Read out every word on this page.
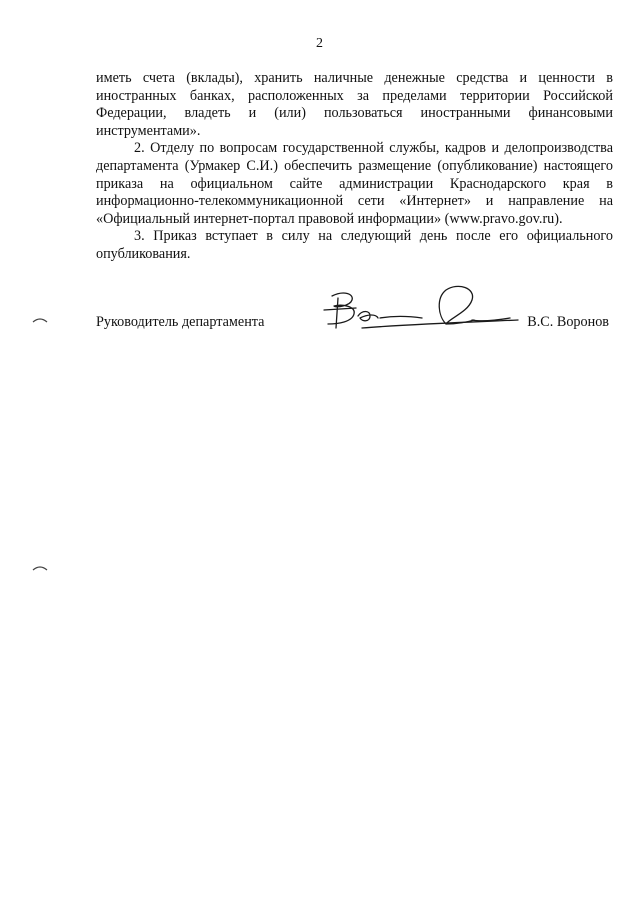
2

иметь счета (вклады), хранить наличные денежные средства и ценности в иностранных банках, расположенных за пределами территории Российской Федерации, владеть и (или) пользоваться иностранными финансовыми инструментами».

2. Отделу по вопросам государственной службы, кадров и делопроизводства департамента (Урмакер С.И.) обеспечить размещение (опубликование) настоящего приказа на официальном сайте администрации Краснодарского края в информационно-телекоммуникационной сети «Интернет» и направление на «Официальный интернет-портал правовой информации» (www.pravo.gov.ru).

3. Приказ вступает в силу на следующий день после его официального опубликования.

Руководитель департамента	В.С. Воронов
